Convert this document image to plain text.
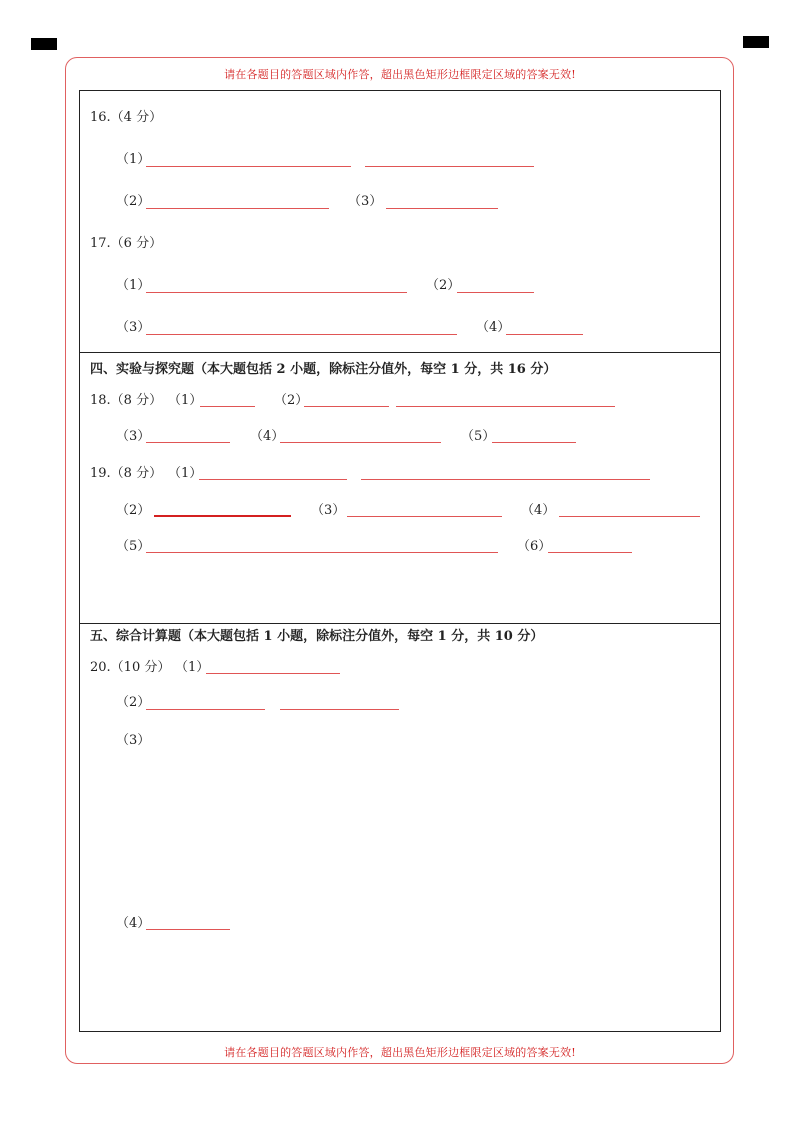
请在各题目的答题区域内作答，超出黑色矩形边框限定区域的答案无效!
请在各题目的答题区域内作答，超出黑色矩形边框限定区域的答案无效!
16.（4 分）
（1）
（2）	（3）
17.（6 分）
（1）	（2）
（3）	（4）
四、实验与探究题（本大题包括 2 小题，除标注分值外，每空 1 分，共 16 分）
18.（8 分） （1）	（2）
（3）	（4）	（5）
19.（8 分） （1）
（2）	（3）	（4）
（5）	（6）
五、综合计算题（本大题包括 1 小题，除标注分值外，每空 1 分，共 10 分）
20.（10 分） （1）
（2）
（3）
（4）
